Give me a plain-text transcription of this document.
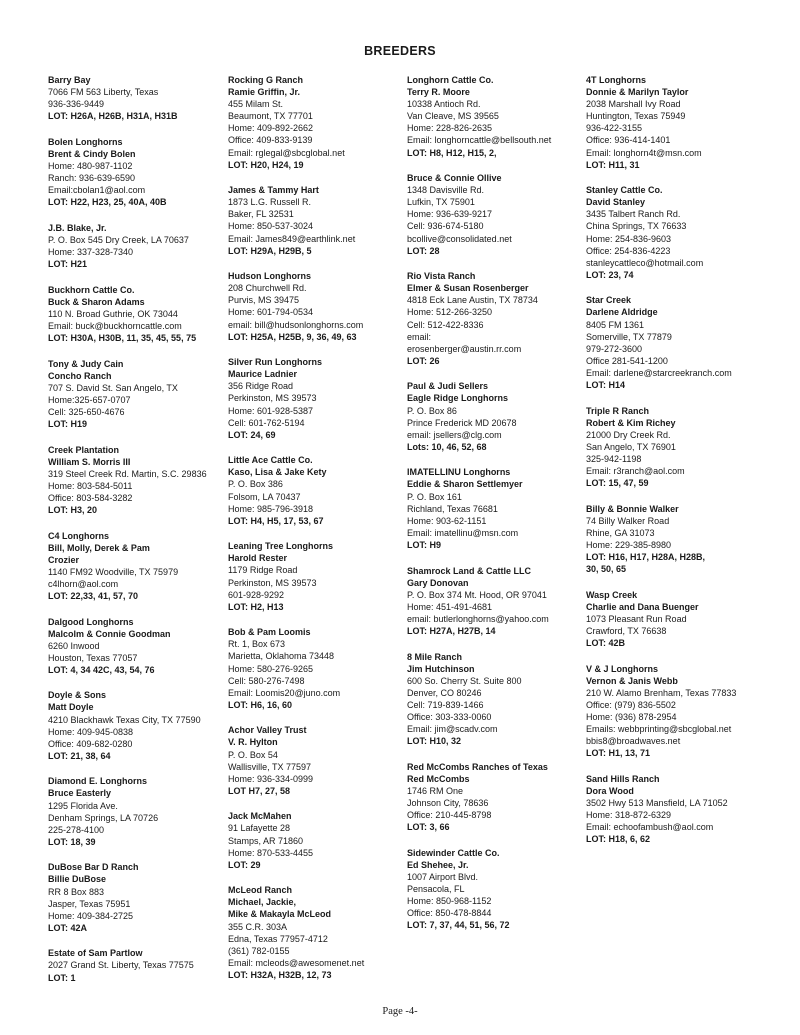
BREEDERS
Barry Bay
7066 FM 563 Liberty, Texas
936-336-9449
LOT: H26A, H26B, H31A, H31B
Bolen Longhorns
Brent & Cindy Bolen
Home: 480-987-1102
Ranch: 936-639-6590
Email:cbolan1@aol.com
LOT: H22, H23, 25, 40A, 40B
J.B. Blake, Jr.
P. O. Box 545 Dry Creek, LA 70637
Home: 337-328-7340
LOT: H21
Buckhorn Cattle Co.
Buck & Sharon Adams
110 N. Broad Guthrie, OK 73044
Email: buck@buckhorncattle.com
LOT: H30A, H30B, 11, 35, 45, 55, 75
Tony & Judy Cain
Concho Ranch
707 S. David St. San Angelo, TX
Home:325-657-0707
Cell: 325-650-4676
LOT: H19
Creek Plantation
William S. Morris III
319 Steel Creek Rd. Martin, S.C. 29836
Home: 803-584-5011
Office: 803-584-3282
LOT: H3, 20
C4 Longhorns
Bill, Molly, Derek & Pam
Crozier
1140 FM92 Woodville, TX 75979
c4lhorn@aol.com
LOT: 22,33, 41, 57, 70
Dalgood Longhorns
Malcolm & Connie Goodman
6260 Inwood
Houston, Texas 77057
LOT: 4, 34 42C, 43, 54, 76
Doyle & Sons
Matt Doyle
4210 Blackhawk Texas City, TX 77590
Home: 409-945-0838
Office: 409-682-0280
LOT: 21, 38, 64
Diamond E. Longhorns
Bruce Easterly
1295 Florida Ave.
Denham Springs, LA 70726
225-278-4100
LOT: 18, 39
DuBose Bar D Ranch
Billie DuBose
RR 8 Box 883
Jasper, Texas 75951
Home: 409-384-2725
LOT: 42A
Estate of Sam Partlow
2027 Grand St. Liberty, Texas 77575
LOT: 1
Rocking G Ranch
Ramie Griffin, Jr.
455 Milam St.
Beaumont, TX 77701
Home: 409-892-2662
Office: 409-833-9139
Email: rglegal@sbcglobal.net
LOT: H20, H24, 19
James & Tammy Hart
1873 L.G. Russell R.
Baker, FL 32531
Home: 850-537-3024
Email: James849@earthlink.net
LOT: H29A, H29B, 5
Hudson Longhorns
208 Churchwell Rd.
Purvis, MS 39475
Home: 601-794-0534
email: bill@hudsonlonghorns.com
LOT: H25A, H25B, 9, 36, 49, 63
Silver Run Longhorns
Maurice Ladnier
356 Ridge Road
Perkinston, MS 39573
Home: 601-928-5387
Cell: 601-762-5194
LOT: 24, 69
Little Ace Cattle Co.
Kaso, Lisa & Jake Kety
P. O. Box 386
Folsom, LA 70437
Home: 985-796-3918
LOT: H4, H5, 17, 53, 67
Leaning Tree Longhorns
Harold Rester
1179 Ridge Road
Perkinston, MS 39573
601-928-9292
LOT: H2, H13
Bob & Pam Loomis
Rt. 1, Box 673
Marietta, Oklahoma 73448
Home: 580-276-9265
Cell: 580-276-7498
Email: Loomis20@juno.com
LOT: H6, 16, 60
Achor Valley Trust
V. R. Hylton
P. O. Box 54
Wallisville, TX 77597
Home: 936-334-0999
LOT H7, 27, 58
Jack McMahen
91 Lafayette 28
Stamps, AR 71860
Home: 870-533-4455
LOT: 29
McLeod Ranch
Michael, Jackie,
Mike & Makayla McLeod
355 C.R. 303A
Edna, Texas 77957-4712
(361) 782-0155
Email: mcleods@awesomenet.net
LOT: H32A, H32B, 12, 73
Longhorn Cattle Co.
Terry R. Moore
10338 Antioch Rd.
Van Cleave, MS 39565
Home: 228-826-2635
Email: longhorncattle@bellsouth.net
LOT: H8, H12, H15, 2,
Bruce & Connie Ollive
1348 Davisville Rd.
Lufkin, TX 75901
Home: 936-639-9217
Cell: 936-674-5180
bcollive@consolidated.net
LOT: 28
Rio Vista Ranch
Elmer & Susan Rosenberger
4818 Eck Lane Austin, TX 78734
Home: 512-266-3250
Cell: 512-422-8336
email:
erosenberger@austin.rr.com
LOT: 26
Paul & Judi Sellers
Eagle Ridge Longhorns
P. O. Box 86
Prince Frederick MD 20678
email: jsellers@clg.com
Lots: 10, 46, 52, 68
IMATELLINU Longhorns
Eddie & Sharon Settlemyer
P. O. Box 161
Richland, Texas 76681
Home: 903-62-1151
Email: imatellinu@msn.com
LOT: H9
Shamrock Land & Cattle LLC
Gary Donovan
P. O. Box 374 Mt. Hood, OR 97041
Home: 451-491-4681
email: butlerlonghorns@yahoo.com
LOT: H27A, H27B, 14
8 Mile Ranch
Jim Hutchinson
600 So. Cherry St. Suite 800
Denver, CO 80246
Cell: 719-839-1466
Office: 303-333-0060
Email: jim@scadv.com
LOT: H10, 32
Red McCombs Ranches of Texas
Red McCombs
1746 RM One
Johnson City, 78636
Office: 210-445-8798
LOT: 3, 66
Sidewinder Cattle Co.
Ed Shehee, Jr.
1007 Airport Blvd.
Pensacola, FL
Home: 850-968-1152
Office: 850-478-8844
LOT: 7, 37, 44, 51, 56, 72
4T Longhorns
Donnie & Marilyn Taylor
2038 Marshall Ivy Road
Huntington, Texas 75949
936-422-3155
Office: 936-414-1401
Email: longhorn4t@msn.com
LOT: H11, 31
Stanley Cattle Co.
David Stanley
3435 Talbert Ranch Rd.
China Springs, TX 76633
Home: 254-836-9603
Office: 254-836-4223
stanleycattleco@hotmail.com
LOT: 23, 74
Star Creek
Darlene Aldridge
8405 FM 1361
Somerville, TX 77879
979-272-3600
Office 281-541-1200
Email: darlene@starcreekranch.com
LOT: H14
Triple R Ranch
Robert & Kim Richey
21000 Dry Creek Rd.
San Angelo, TX 76901
325-942-1198
Email: r3ranch@aol.com
LOT: 15, 47, 59
Billy & Bonnie Walker
74 Billy Walker Road
Rhine, GA 31073
Home: 229-385-8980
LOT: H16, H17, H28A, H28B,
30, 50, 65
Wasp Creek
Charlie and Dana Buenger
1073 Pleasant Run Road
Crawford, TX 76638
LOT: 42B
V & J Longhorns
Vernon & Janis Webb
210 W. Alamo Brenham, Texas 77833
Office: (979) 836-5502
Home: (936) 878-2954
Emails: webbprinting@sbcglobal.net
bbis8@broadwaves.net
LOT: H1, 13, 71
Sand Hills Ranch
Dora Wood
3502 Hwy 513 Mansfield, LA 71052
Home: 318-872-6329
Email: echoofambush@aol.com
LOT: H18, 6, 62
Page -4-
